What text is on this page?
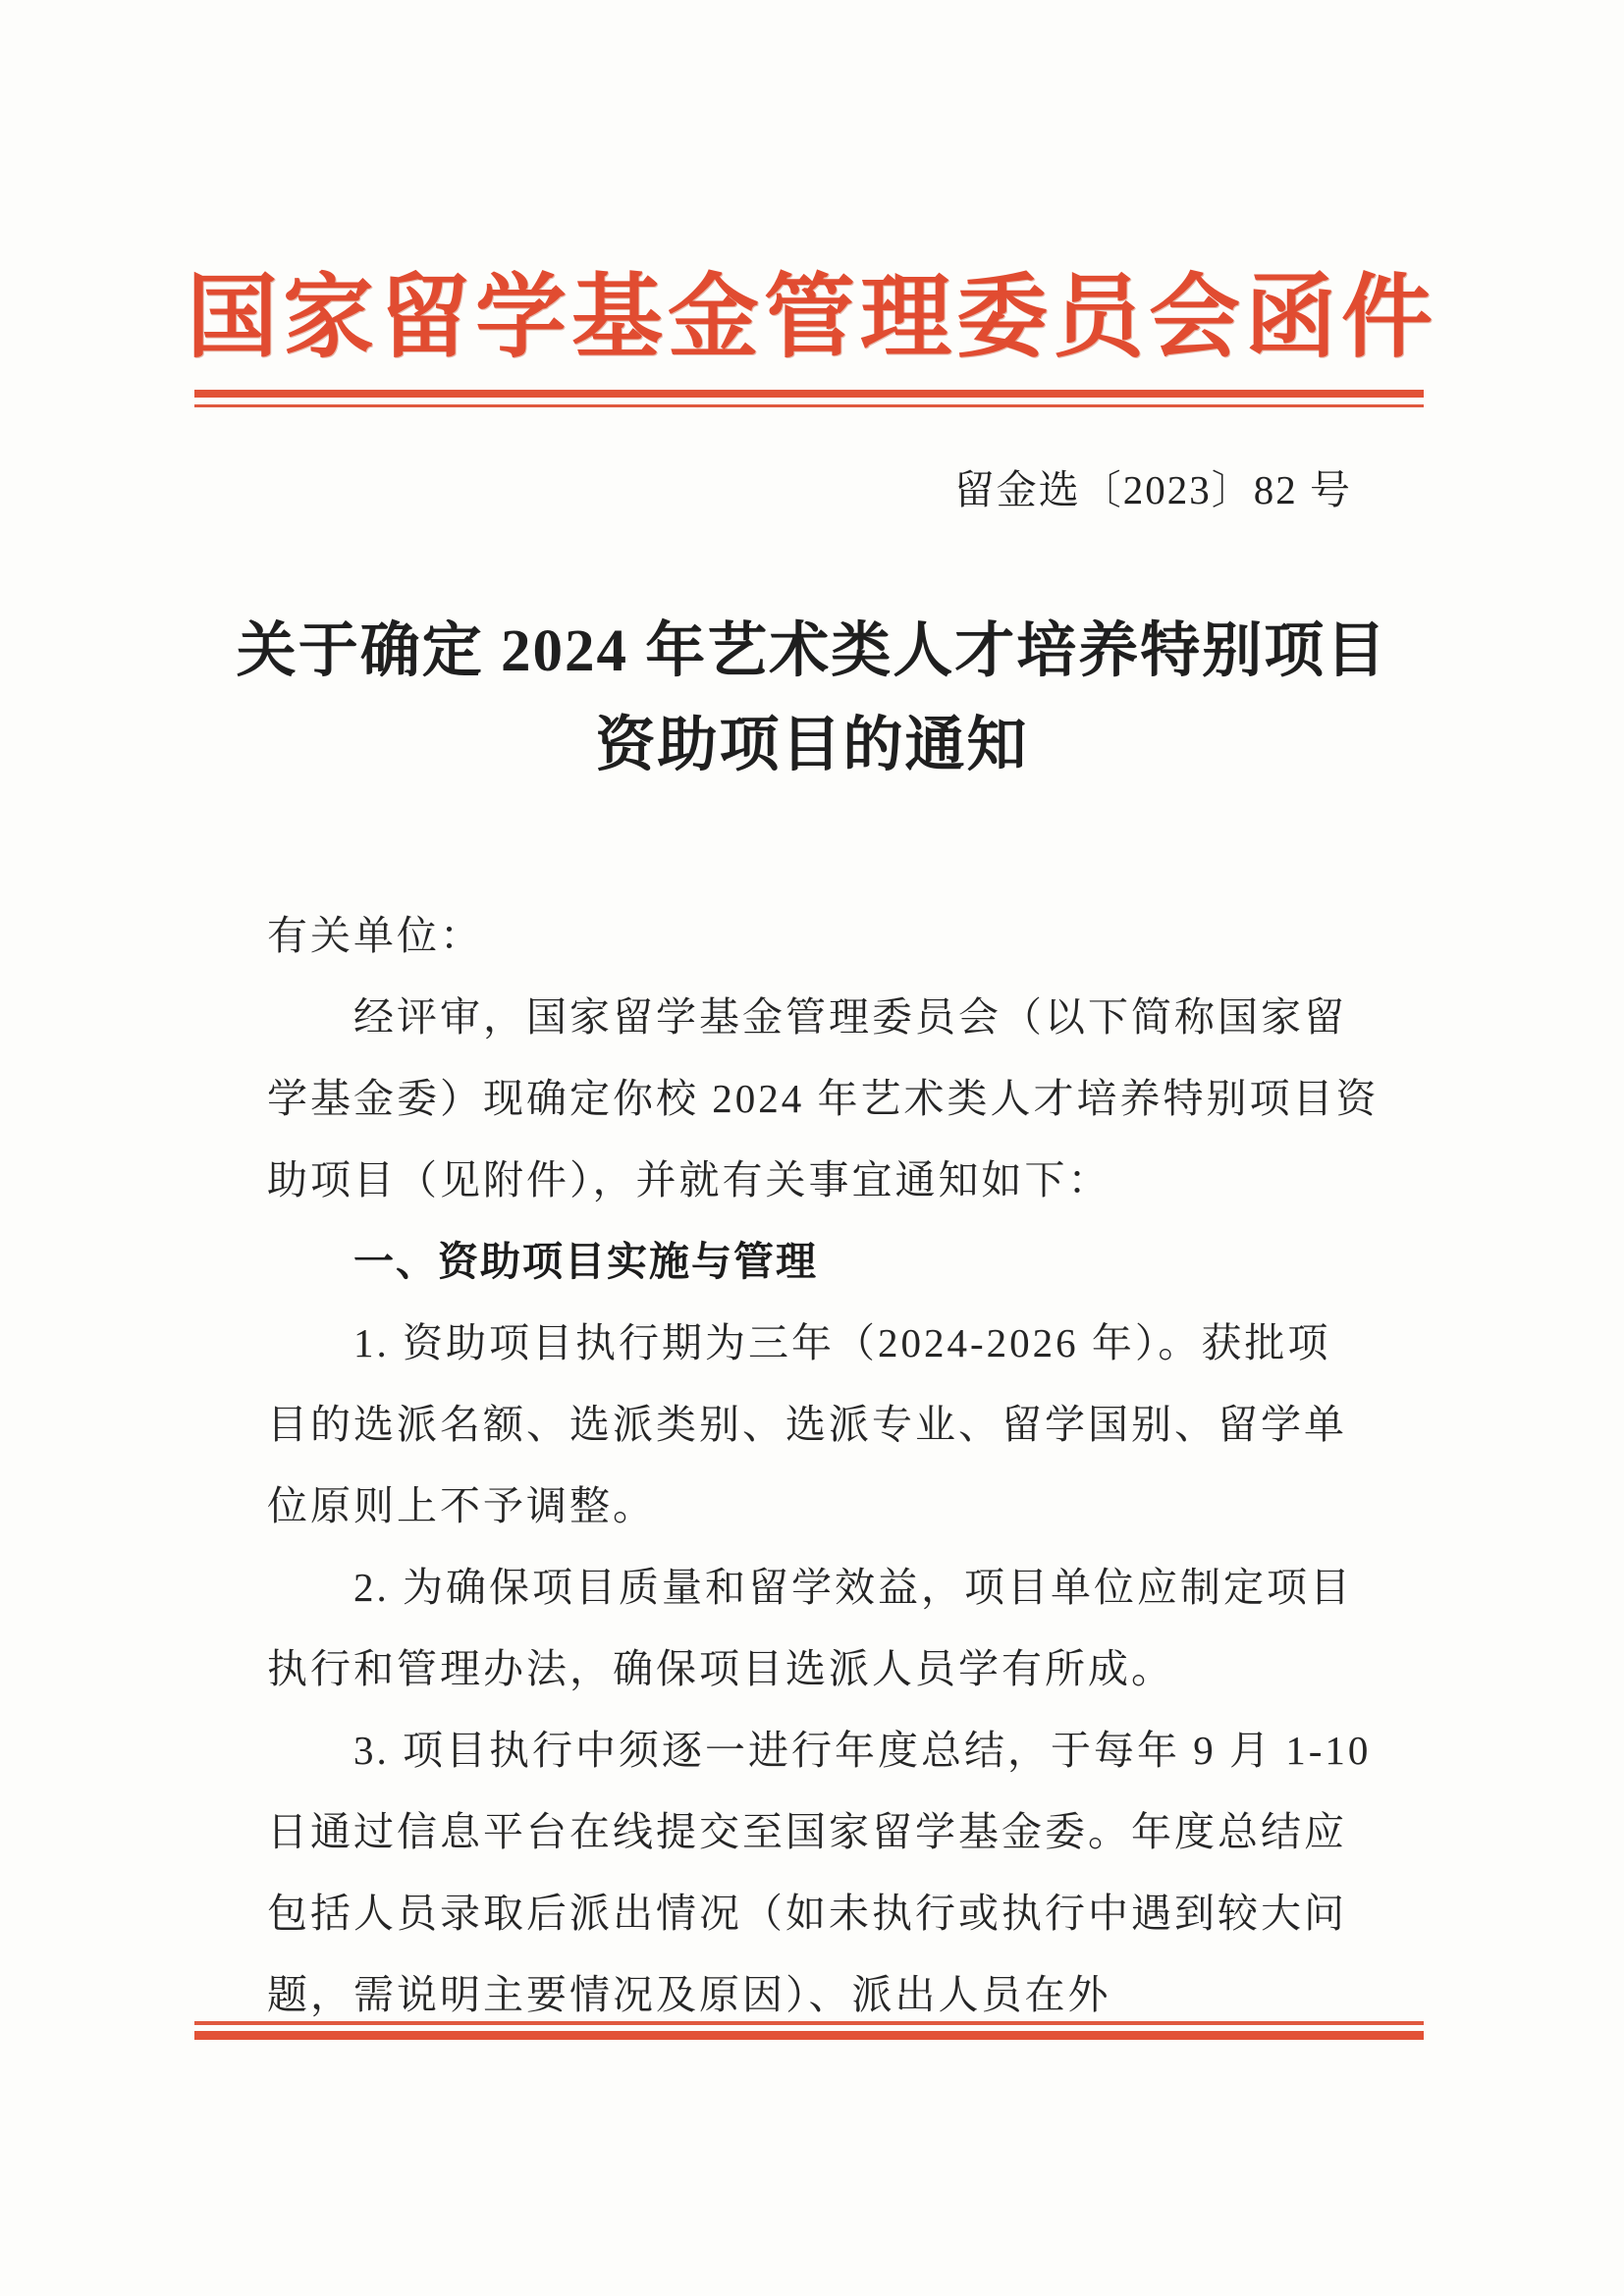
国家留学基金管理委员会函件
留金选〔2023〕82 号
关于确定 2024 年艺术类人才培养特别项目
资助项目的通知
有关单位：
经评审，国家留学基金管理委员会（以下简称国家留
学基金委）现确定你校 2024 年艺术类人才培养特别项目资
助项目（见附件），并就有关事宜通知如下：
一、资助项目实施与管理
1. 资助项目执行期为三年（2024-2026 年）。获批项
目的选派名额、选派类别、选派专业、留学国别、留学单
位原则上不予调整。
2. 为确保项目质量和留学效益，项目单位应制定项目
执行和管理办法，确保项目选派人员学有所成。
3. 项目执行中须逐一进行年度总结，于每年 9 月 1-10
日通过信息平台在线提交至国家留学基金委。年度总结应
包括人员录取后派出情况（如未执行或执行中遇到较大问
题，需说明主要情况及原因）、派出人员在外
